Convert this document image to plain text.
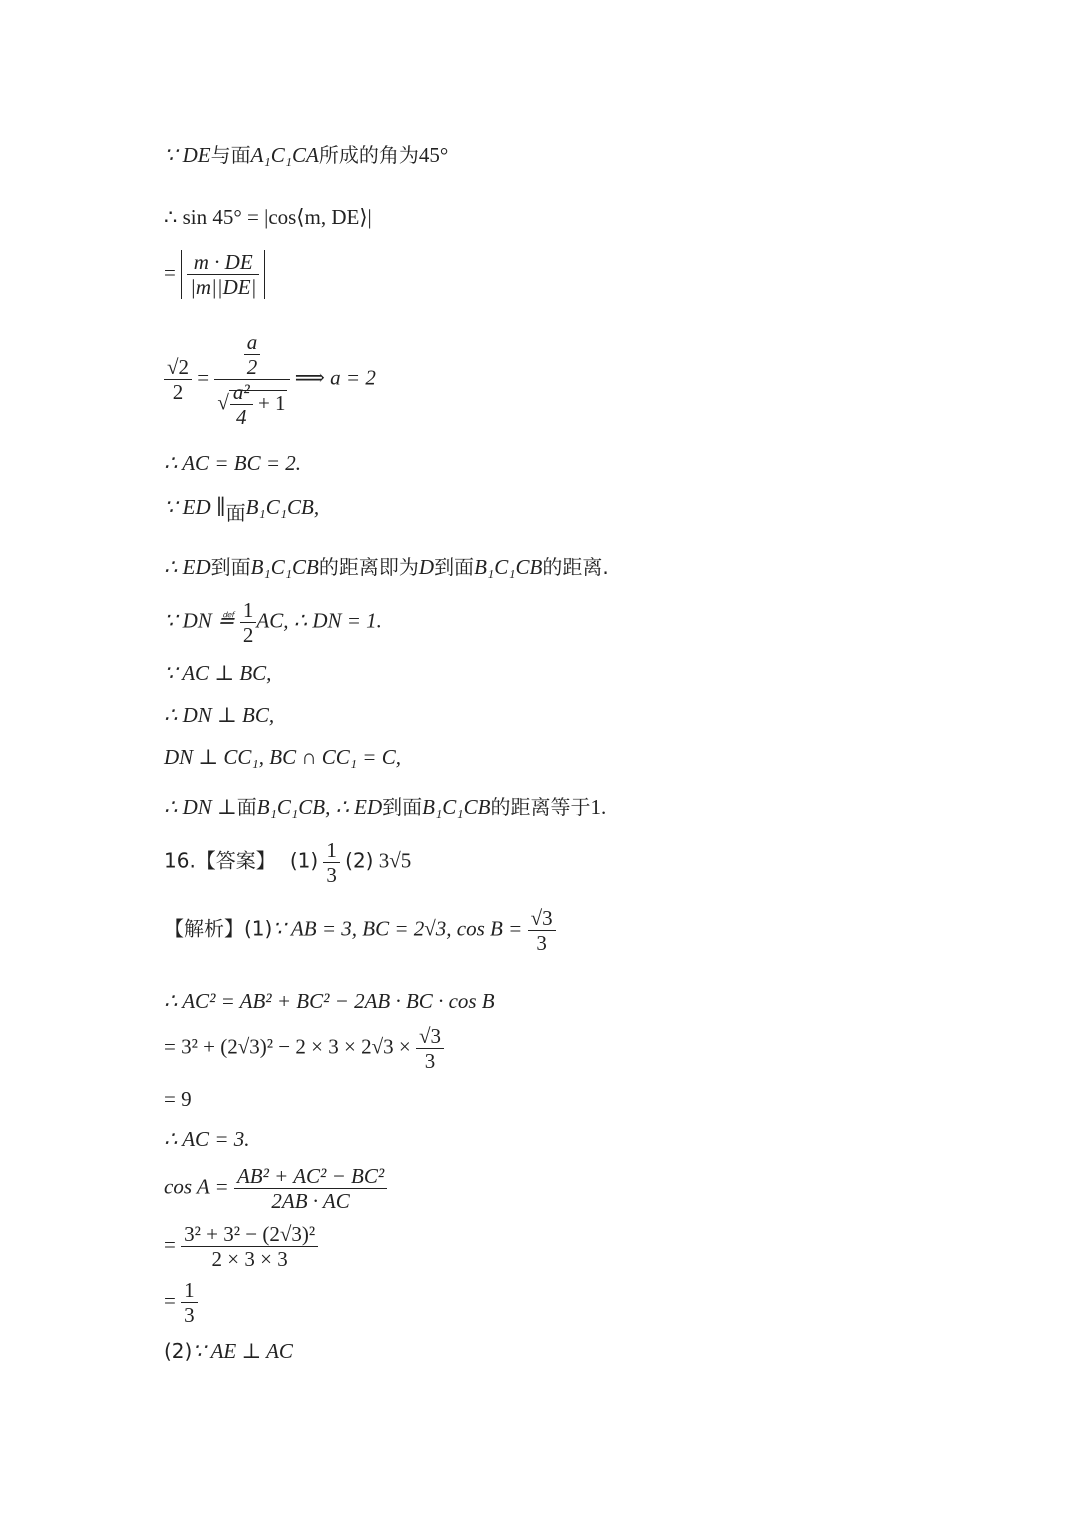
∵ DE与面A₁C₁CA所成的角为45°
∴ sin 45° = |cos⟨m, DE⟩|
= $\frac{m \cdot DE}{|m||DE|}$
$\frac{√2}{2} = \frac{\frac{a}{2}}{√ \frac{\text{a²}}{4} + 1}$ ⟹ a = 2
∴ AC = BC = 2.
∵ ED ∥面B₁C₁CB,
∴ ED到面B₁C₁CB的距离即为D到面B₁C₁CB的距离.
∵ DN ≝ $\frac{1}{2}$ AC, ∴ DN = 1.
∵ AC ⊥ BC,
∴ DN ⊥ BC,
DN ⊥ CC₁, BC ∩ CC₁ = C,
∴ DN ⊥面B₁C₁CB, ∴ ED到面B₁C₁CB的距离等于1.
16.【答案】 $(1) \frac{1}{3} (2)$ 3√5
【解析】(1)∵ AB = 3, BC = 2√3, $\cos B = \frac{√3}{3}$
∴ AC² = AB² + BC² − 2AB · BC · cos B
= $3^2 + (2√3)^2 - 2 \times 3 \times 2√3 \times \frac{√3}{3}$
= 9
∴ AC = 3.
$\cos A = \frac{\text{AB² + AC² − BC²}}{2AB \cdot AC}$
= $\frac{\text{3² + 3² − (2√3)²}}{2 \times 3 \times 3}$
= $\frac{1}{3}$
(2)∵ AE ⊥ AC
